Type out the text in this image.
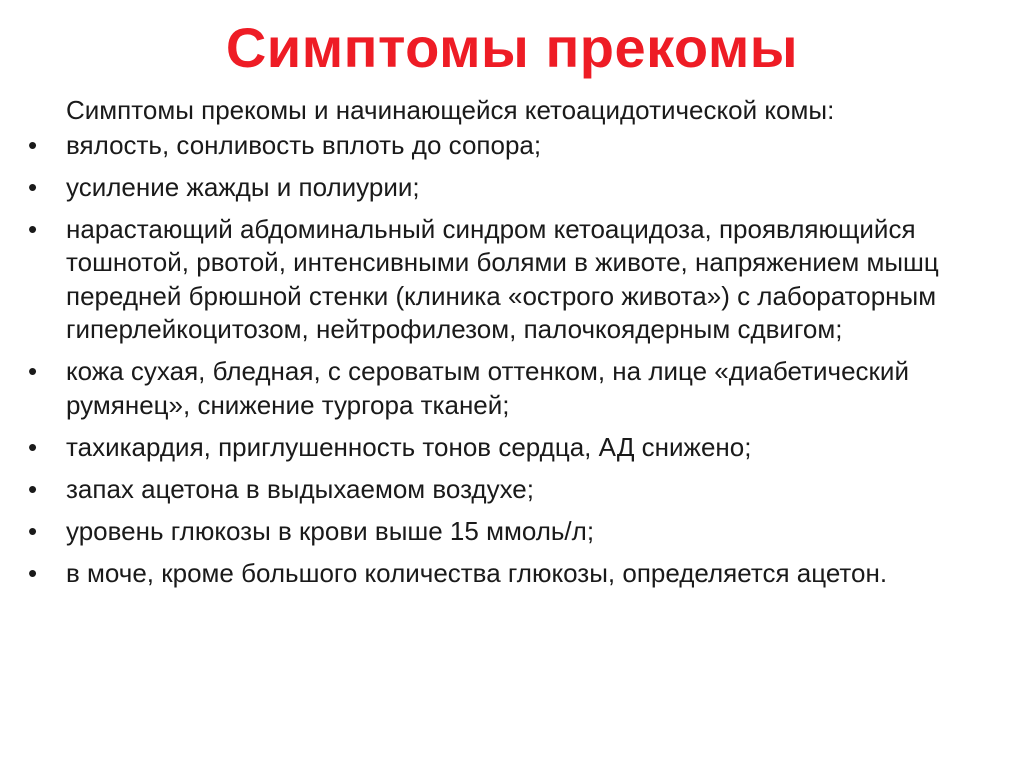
Симптомы прекомы
Симптомы прекомы и начинающейся кетоацидотической комы:
•	вялость, сонливость вплоть до сопора;
•	усиление жажды и полиурии;
•	нарастающий абдоминальный синдром кетоацидоза, проявляющийся тошнотой, рвотой, интенсивными болями в животе, напряжением мышц передней брюшной стенки (клиника «острого живота») с лабораторным гиперлейкоцитозом, нейтрофилезом, палочкоядерным сдвигом;
•	кожа сухая, бледная, с сероватым оттенком, на лице «диабетический румянец», снижение тургора тканей;
•	тахикардия, приглушенность тонов сердца, АД снижено;
•	запах ацетона в выдыхаемом воздухе;
•	уровень глюкозы в крови выше 15 ммоль/л;
•	в моче, кроме большого количества глюкозы, определяется ацетон.
